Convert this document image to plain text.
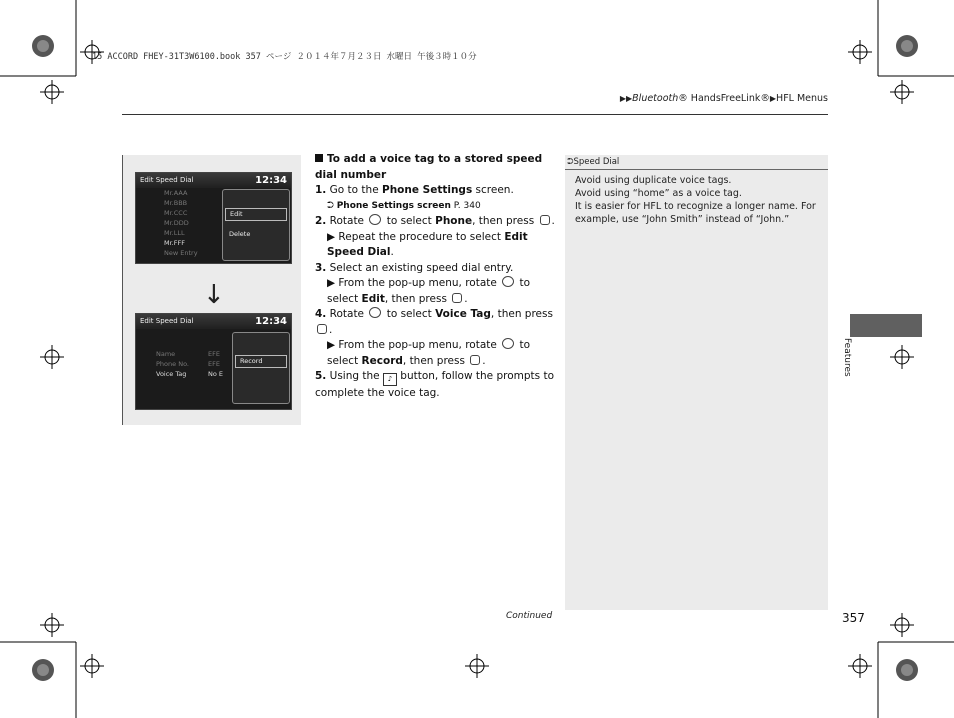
15 ACCORD FHEY-31T3W6100.book 357 ページ ２０１４年７月２３日 水曜日 午後３時１０分
▶▶Bluetooth® HandsFreeLink®▶HFL Menus
Edit Speed Dial	12:34
Mr.AAA
Mr.BBB
Mr.CCC
Mr.DDD
Mr.LLL
Mr.FFF
New Entry
Edit
Delete
↓
Edit Speed Dial	12:34
Name	EFE
Phone No.	EFE
Voice Tag	No E
Record
To add a voice tag to a stored speed dial number
1. Go to the Phone Settings screen.
⮊ Phone Settings screen P. 340
2. Rotate  to select Phone, then press .
▶ Repeat the procedure to select Edit Speed Dial.
3. Select an existing speed dial entry.
▶ From the pop-up menu, rotate  to select Edit, then press .
4. Rotate  to select Voice Tag, then press .
▶ From the pop-up menu, rotate  to select Record, then press .
5. Using the ♪ button, follow the prompts to complete the voice tag.
⮊Speed Dial
Avoid using duplicate voice tags.
Avoid using “home” as a voice tag.
It is easier for HFL to recognize a longer name. For example, use “John Smith” instead of “John.”
Features
Continued	357
